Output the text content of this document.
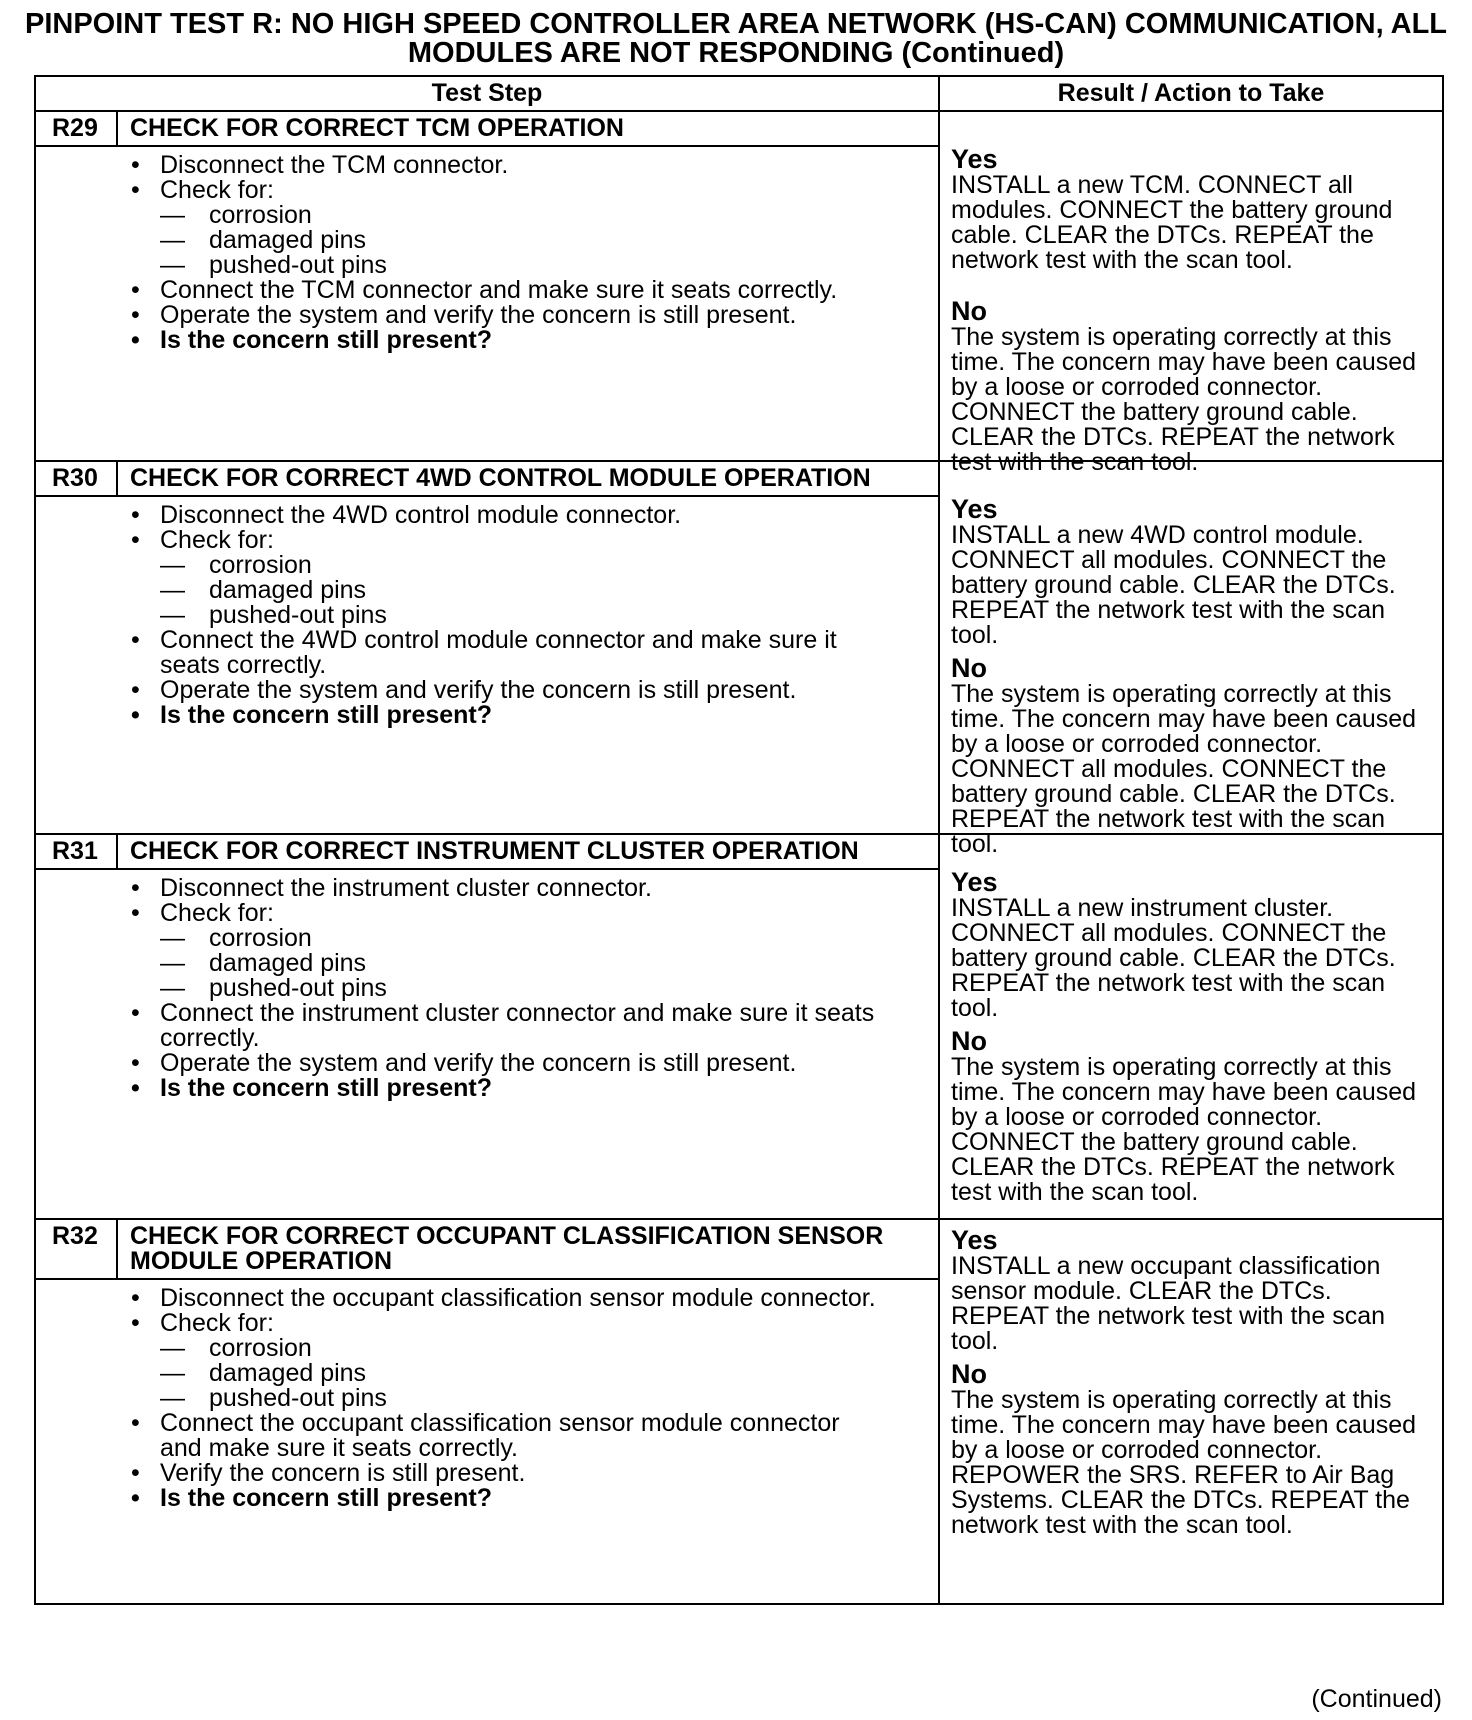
PINPOINT TEST R: NO HIGH SPEED CONTROLLER AREA NETWORK (HS-CAN) COMMUNICATION, ALL
MODULES ARE NOT RESPONDING (Continued)
Test Step	Result / Action to Take
R29	CHECK FOR CORRECT TCM OPERATION
• Disconnect the TCM connector.
• Check for:
— corrosion
— damaged pins
— pushed-out pins
• Connect the TCM connector and make sure it seats correctly.
• Operate the system and verify the concern is still present.
• Is the concern still present?
Yes
INSTALL a new TCM. CONNECT all modules. CONNECT the battery ground cable. CLEAR the DTCs. REPEAT the network test with the scan tool.
No
The system is operating correctly at this time. The concern may have been caused by a loose or corroded connector. CONNECT the battery ground cable. CLEAR the DTCs. REPEAT the network test with the scan tool.
R30	CHECK FOR CORRECT 4WD CONTROL MODULE OPERATION
• Disconnect the 4WD control module connector.
• Check for:
— corrosion
— damaged pins
— pushed-out pins
• Connect the 4WD control module connector and make sure it seats correctly.
• Operate the system and verify the concern is still present.
• Is the concern still present?
Yes
INSTALL a new 4WD control module. CONNECT all modules. CONNECT the battery ground cable. CLEAR the DTCs. REPEAT the network test with the scan tool.
No
The system is operating correctly at this time. The concern may have been caused by a loose or corroded connector. CONNECT all modules. CONNECT the battery ground cable. CLEAR the DTCs. REPEAT the network test with the scan tool.
R31	CHECK FOR CORRECT INSTRUMENT CLUSTER OPERATION
• Disconnect the instrument cluster connector.
• Check for:
— corrosion
— damaged pins
— pushed-out pins
• Connect the instrument cluster connector and make sure it seats correctly.
• Operate the system and verify the concern is still present.
• Is the concern still present?
Yes
INSTALL a new instrument cluster. CONNECT all modules. CONNECT the battery ground cable. CLEAR the DTCs. REPEAT the network test with the scan tool.
No
The system is operating correctly at this time. The concern may have been caused by a loose or corroded connector. CONNECT the battery ground cable. CLEAR the DTCs. REPEAT the network test with the scan tool.
R32	CHECK FOR CORRECT OCCUPANT CLASSIFICATION SENSOR MODULE OPERATION
• Disconnect the occupant classification sensor module connector.
• Check for:
— corrosion
— damaged pins
— pushed-out pins
• Connect the occupant classification sensor module connector and make sure it seats correctly.
• Verify the concern is still present.
• Is the concern still present?
Yes
INSTALL a new occupant classification sensor module. CLEAR the DTCs. REPEAT the network test with the scan tool.
No
The system is operating correctly at this time. The concern may have been caused by a loose or corroded connector. REPOWER the SRS. REFER to Air Bag Systems. CLEAR the DTCs. REPEAT the network test with the scan tool.
(Continued)
